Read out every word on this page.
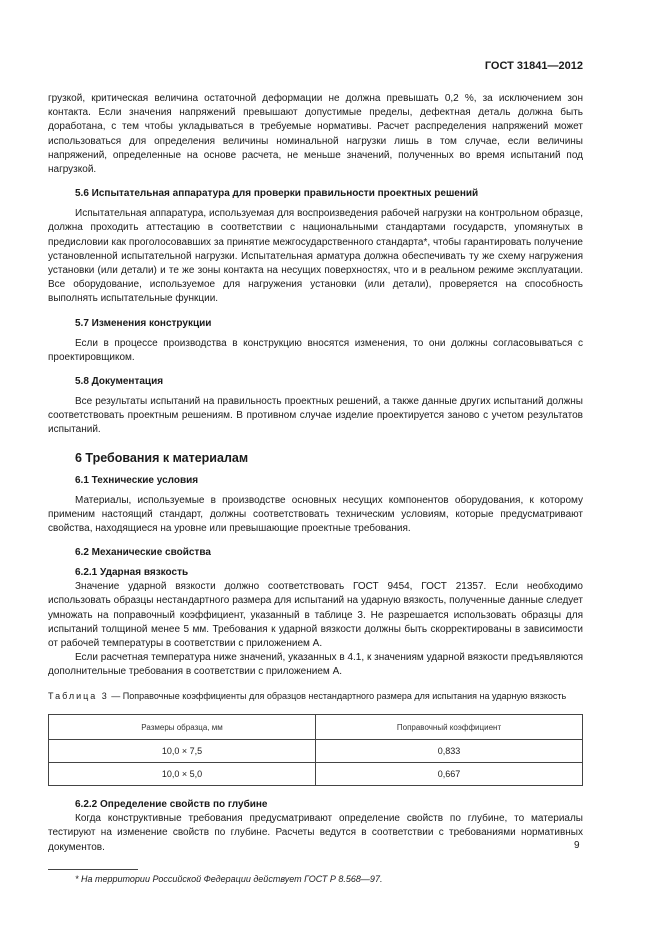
ГОСТ 31841—2012

грузкой, критическая величина остаточной деформации не должна превышать 0,2 %, за исключением зон контакта. Если значения напряжений превышают допустимые пределы, дефектная деталь должна быть доработана, с тем чтобы укладываться в требуемые нормативы. Расчет распределения напряжений может использоваться для определения величины номинальной нагрузки лишь в том случае, если величины напряжений, определенные на основе расчета, не меньше значений, полученных во время испытаний под нагрузкой.

5.6 Испытательная аппаратура для проверки правильности проектных решений

Испытательная аппаратура, используемая для воспроизведения рабочей нагрузки на контрольном образце, должна проходить аттестацию в соответствии с национальными стандартами государств, упомянутых в предисловии как проголосовавших за принятие межгосударственного стандарта*, чтобы гарантировать получение установленной испытательной нагрузки. Испытательная арматура должна обеспечивать ту же схему нагружения установки (или детали) и те же зоны контакта на несущих поверхностях, что и в реальном режиме эксплуатации. Все оборудование, используемое для нагружения установки (или детали), проверяется на способность выполнять испытательные функции.

5.7 Изменения конструкции

Если в процессе производства в конструкцию вносятся изменения, то они должны согласовываться с проектировщиком.

5.8 Документация

Все результаты испытаний на правильность проектных решений, а также данные других испытаний должны соответствовать проектным решениям. В противном случае изделие проектируется заново с учетом результатов испытаний.

6 Требования к материалам
6.1 Технические условия

Материалы, используемые в производстве основных несущих компонентов оборудования, к которому применим настоящий стандарт, должны соответствовать техническим условиям, которые предусматривают свойства, находящиеся на уровне или превышающие проектные требования.

6.2 Механические свойства
6.2.1 Ударная вязкость

Значение ударной вязкости должно соответствовать ГОСТ 9454, ГОСТ 21357. Если необходимо использовать образцы нестандартного размера для испытаний на ударную вязкость, полученные данные следует умножать на поправочный коэффициент, указанный в таблице 3. Не разрешается использовать образцы для испытаний толщиной менее 5 мм. Требования к ударной вязкости должны быть скорректированы в зависимости от рабочей температуры в соответствии с приложением А.

Если расчетная температура ниже значений, указанных в 4.1, к значениям ударной вязкости предъявляются дополнительные требования в соответствии с приложением А.

Таблица 3 — Поправочные коэффициенты для образцов нестандартного размера для испытания на ударную вязкость

Размеры образца, мм	Поправочный коэффициент
10,0 × 7,5	0,833
10,0 × 5,0	0,667
6.2.2 Определение свойств по глубине

Когда конструктивные требования предусматривают определение свойств по глубине, то материалы тестируют на изменение свойств по глубине. Расчеты ведутся в соответствии с требованиями нормативных документов.

* На территории Российской Федерации действует ГОСТ Р 8.568—97.
9
